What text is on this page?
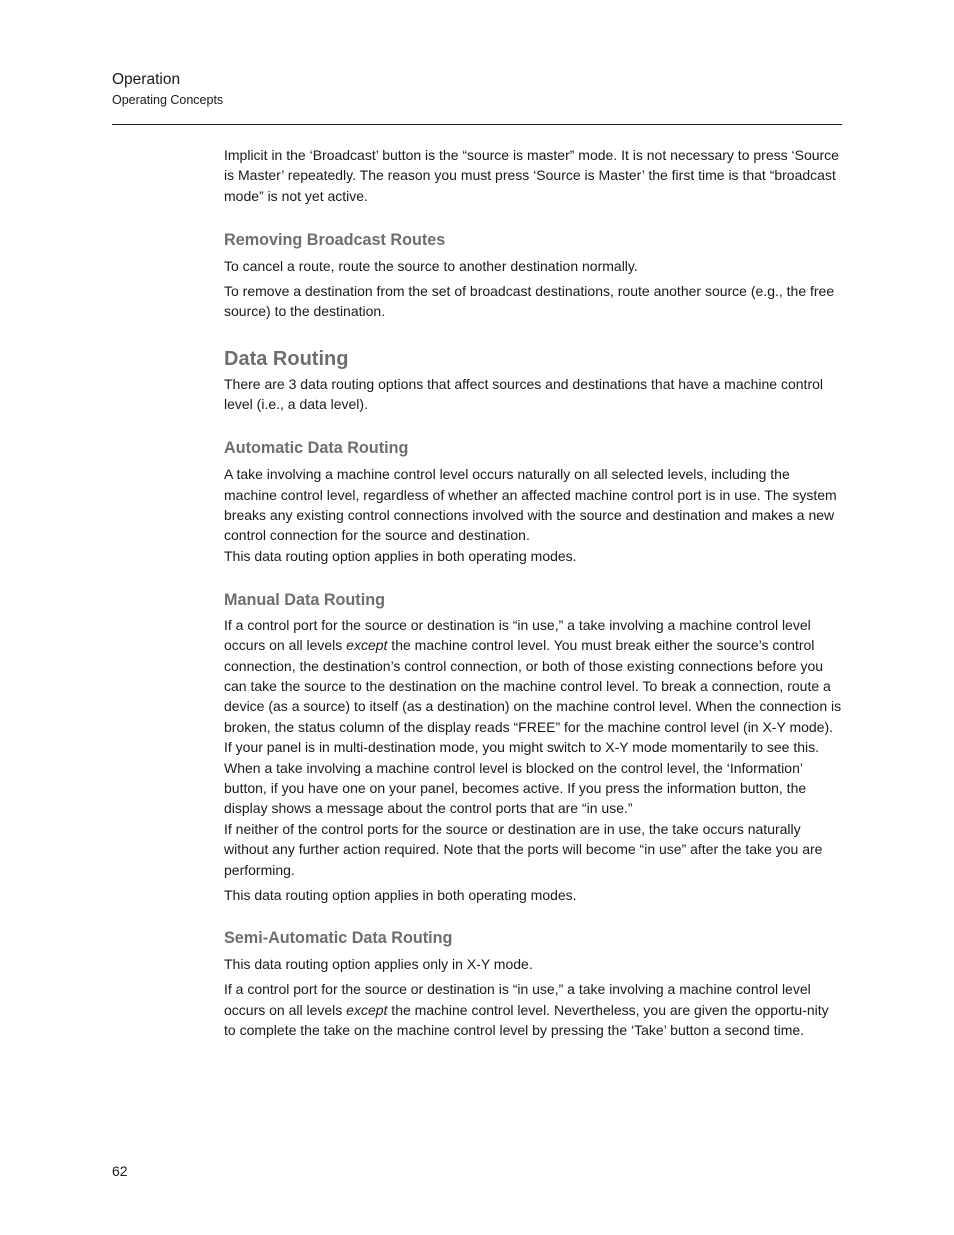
Operation
Operating Concepts

Implicit in the ‘Broadcast’ button is the “source is master” mode. It is not necessary to press ‘Source is Master’ repeatedly. The reason you must press ‘Source is Master’ the first time is that “broadcast mode” is not yet active.

Removing Broadcast Routes

To cancel a route, route the source to another destination normally.

To remove a destination from the set of broadcast destinations, route another source (e.g., the free source) to the destination.

Data Routing

There are 3 data routing options that affect sources and destinations that have a machine control level (i.e., a data level).

Automatic Data Routing

A take involving a machine control level occurs naturally on all selected levels, including the machine control level, regardless of whether an affected machine control port is in use. The system breaks any existing control connections involved with the source and destination and makes a new control connection for the source and destination.

This data routing option applies in both operating modes.

Manual Data Routing

If a control port for the source or destination is “in use,” a take involving a machine control level occurs on all levels except the machine control level. You must break either the source’s control connection, the destination’s control connection, or both of those existing connections before you can take the source to the destination on the machine control level. To break a connection, route a device (as a source) to itself (as a destination) on the machine control level. When the connection is broken, the status column of the display reads “FREE” for the machine control level (in X-Y mode). If your panel is in multi-destination mode, you might switch to X-Y mode momentarily to see this.

When a take involving a machine control level is blocked on the control level, the ‘Information’ button, if you have one on your panel, becomes active. If you press the information button, the display shows a message about the control ports that are “in use.”

If neither of the control ports for the source or destination are in use, the take occurs naturally without any further action required. Note that the ports will become “in use” after the take you are performing.

This data routing option applies in both operating modes.

Semi-Automatic Data Routing

This data routing option applies only in X-Y mode.

If a control port for the source or destination is “in use,” a take involving a machine control level occurs on all levels except the machine control level. Nevertheless, you are given the opportu-nity to complete the take on the machine control level by pressing the ‘Take’ button a second time.

62
